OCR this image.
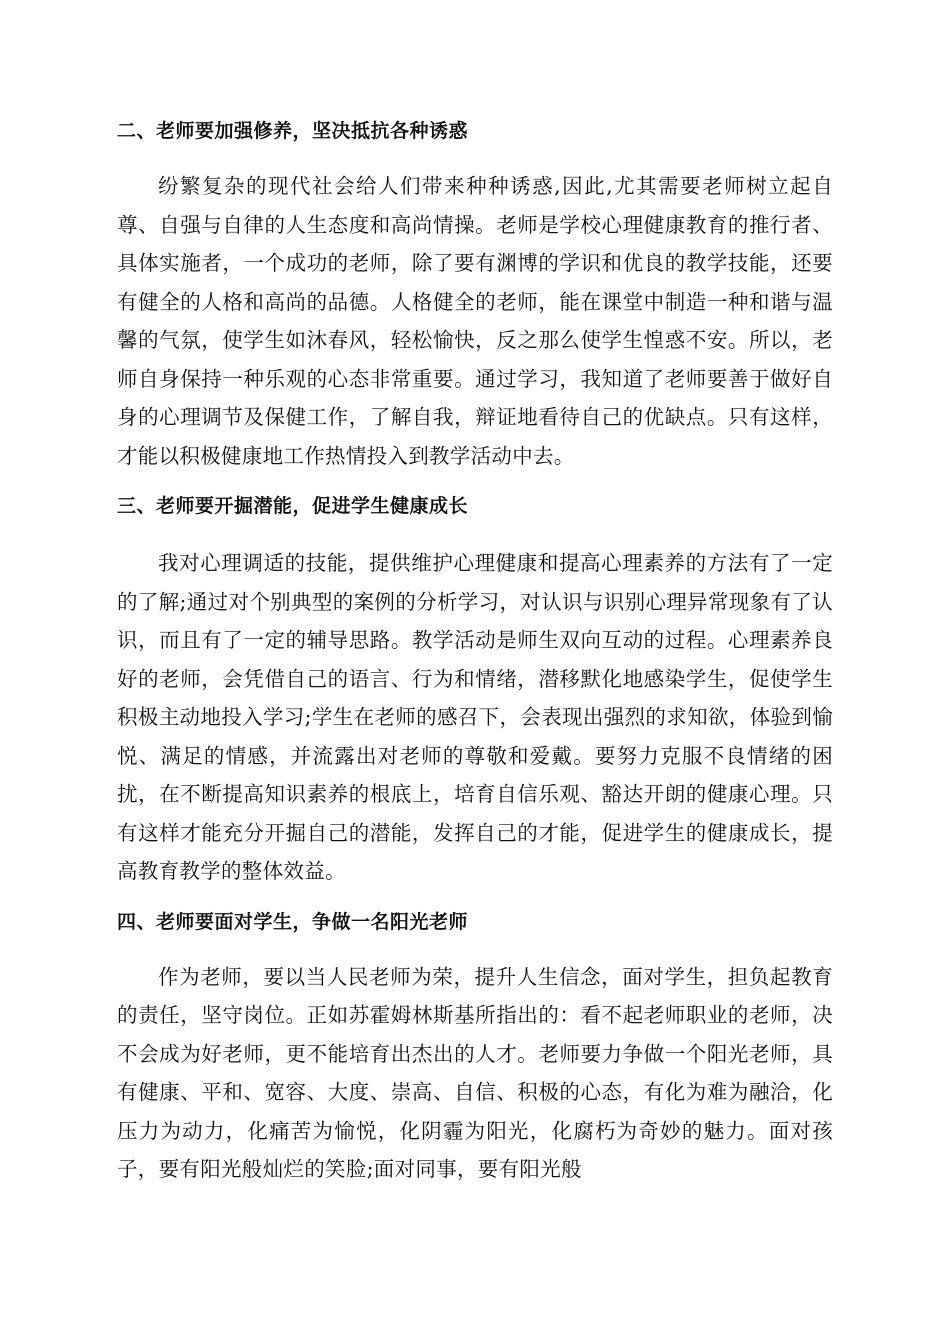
二、老师要加强修养，坚决抵抗各种诱惑

纷繁复杂的现代社会给人们带来种种诱惑,因此,尤其需要老师树立起自尊、自强与自律的人生态度和高尚情操。老师是学校心理健康教育的推行者、具体实施者，一个成功的老师，除了要有渊博的学识和优良的教学技能，还要有健全的人格和高尚的品德。人格健全的老师，能在课堂中制造一种和谐与温馨的气氛，使学生如沐春风，轻松愉快，反之那么使学生惶惑不安。所以，老师自身保持一种乐观的心态非常重要。通过学习，我知道了老师要善于做好自身的心理调节及保健工作，了解自我，辩证地看待自己的优缺点。只有这样，才能以积极健康地工作热情投入到教学活动中去。

三、老师要开掘潜能，促进学生健康成长

我对心理调适的技能，提供维护心理健康和提高心理素养的方法有了一定的了解;通过对个别典型的案例的分析学习，对认识与识别心理异常现象有了认识，而且有了一定的辅导思路。教学活动是师生双向互动的过程。心理素养良好的老师，会凭借自己的语言、行为和情绪，潜移默化地感染学生，促使学生积极主动地投入学习;学生在老师的感召下，会表现出强烈的求知欲，体验到愉悦、满足的情感，并流露出对老师的尊敬和爱戴。要努力克服不良情绪的困扰，在不断提高知识素养的根底上，培育自信乐观、豁达开朗的健康心理。只有这样才能充分开掘自己的潜能，发挥自己的才能，促进学生的健康成长，提高教育教学的整体效益。

四、老师要面对学生，争做一名阳光老师

作为老师，要以当人民老师为荣，提升人生信念，面对学生，担负起教育的责任，坚守岗位。正如苏霍姆林斯基所指出的：看不起老师职业的老师，决不会成为好老师，更不能培育出杰出的人才。老师要力争做一个阳光老师，具有健康、平和、宽容、大度、崇高、自信、积极的心态，有化为难为融洽，化压力为动力，化痛苦为愉悦，化阴霾为阳光，化腐朽为奇妙的魅力。面对孩子，要有阳光般灿烂的笑脸;面对同事，要有阳光般
